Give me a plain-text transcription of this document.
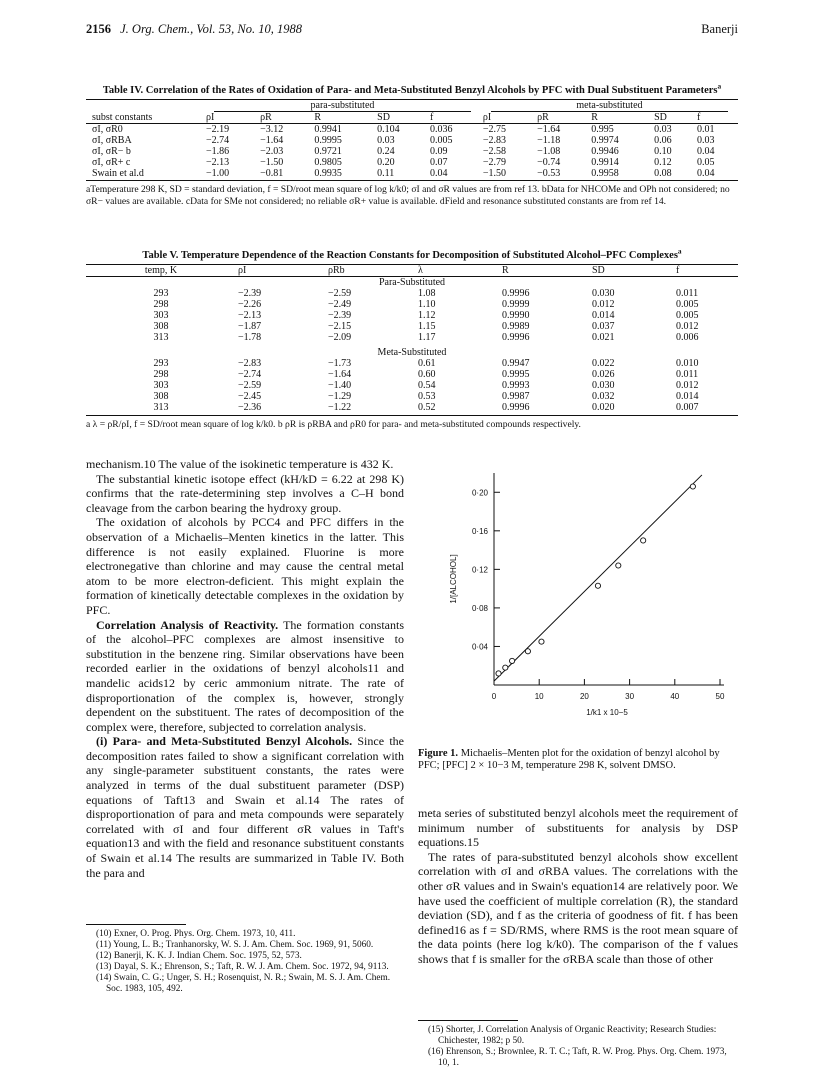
2156 J. Org. Chem., Vol. 53, No. 10, 1988	Banerji
Table IV. Correlation of the Rates of Oxidation of Para- and Meta-Substituted Benzyl Alcohols by PFC with Dual Substituent Parameters$^a$
	para-substituted					meta-substituted				
subst constants	ρI	ρR	R	SD	f	ρI	ρR	R	SD	f
σI, σR0	−2.19	−3.12	0.9941	0.104	0.036	−2.75	−1.64	0.995	0.03	0.01
σI, σRBA	−2.74	−1.64	0.9995	0.03	0.005	−2.83	−1.18	0.9974	0.06	0.03
σI, σR− b	−1.86	−2.03	0.9721	0.24	0.09	−2.58	−1.08	0.9946	0.10	0.04
σI, σR+ c	−2.13	−1.50	0.9805	0.20	0.07	−2.79	−0.74	0.9914	0.12	0.05
Swain et al.d	−1.00	−0.81	0.9935	0.11	0.04	−1.50	−0.53	0.9958	0.08	0.04
aTemperature 298 K, SD = standard deviation, f = SD/root mean square of log k/k0; σI and σR values are from ref 13. bData for NHCOMe and OPh not considered; no σR− values are available. cData for SMe not considered; no reliable σR+ value is available. dField and resonance substituted constants are from ref 14.
Table V. Temperature Dependence of the Reaction Constants for Decomposition of Substituted Alcohol–PFC Complexes$^a$
temp, K	ρI	ρRb	λ	R	SD	f
Para-Substituted						
293	−2.39	−2.59	1.08	0.9996	0.030	0.011
298	−2.26	−2.49	1.10	0.9999	0.012	0.005
303	−2.13	−2.39	1.12	0.9990	0.014	0.005
308	−1.87	−2.15	1.15	0.9989	0.037	0.012
313	−1.78	−2.09	1.17	0.9996	0.021	0.006

Meta-Substituted						
293	−2.83	−1.73	0.61	0.9947	0.022	0.010
298	−2.74	−1.64	0.60	0.9995	0.026	0.011
303	−2.59	−1.40	0.54	0.9993	0.030	0.012
308	−2.45	−1.29	0.53	0.9987	0.032	0.014
313	−2.36	−1.22	0.52	0.9996	0.020	0.007
a λ = ρR/ρI, f = SD/root mean square of log k/k0. b ρR is ρRBA and ρR0 for para- and meta-substituted compounds respectively.

mechanism.10 The value of the isokinetic temperature is 432 K.

The substantial kinetic isotope effect (kH/kD = 6.22 at 298 K) confirms that the rate-determining step involves a C–H bond cleavage from the carbon bearing the hydroxy group.

The oxidation of alcohols by PCC4 and PFC differs in the observation of a Michaelis–Menten kinetics in the latter. This difference is not easily explained. Fluorine is more electronegative than chlorine and may cause the central metal atom to be more electron-deficient. This might explain the formation of kinetically detectable complexes in the oxidation by PFC.

Correlation Analysis of Reactivity. The formation constants of the alcohol–PFC complexes are almost insensitive to substitution in the benzene ring. Similar observations have been recorded earlier in the oxidations of benzyl alcohols11 and mandelic acids12 by ceric ammonium nitrate. The rate of disproportionation of the complex is, however, strongly dependent on the substituent. The rates of decomposition of the complex were, therefore, subjected to correlation analysis.

(i) Para- and Meta-Substituted Benzyl Alcohols. Since the decomposition rates failed to show a significant correlation with any single-parameter substituent constants, the rates were analyzed in terms of the dual substituent parameter (DSP) equations of Taft13 and Swain et al.14 The rates of disproportionation of para and meta compounds were separately correlated with σI and four different σR values in Taft's equation13 and with the field and resonance substituent constants of Swain et al.14 The results are summarized in Table IV. Both the para and

(10) Exner, O. Prog. Phys. Org. Chem. 1973, 10, 411.
(11) Young, L. B.; Tranhanorsky, W. S. J. Am. Chem. Soc. 1969, 91, 5060.
(12) Banerji, K. K. J. Indian Chem. Soc. 1975, 52, 573.
(13) Dayal, S. K.; Ehrenson, S.; Taft, R. W. J. Am. Chem. Soc. 1972, 94, 9113.
(14) Swain, C. G.; Unger, S. H.; Rosenquist, N. R.; Swain, M. S. J. Am. Chem. Soc. 1983, 105, 492.
0	10	20	30	40	50
0·04
0·08
0·12
0·16
0·20
1/k1 x 10−5
1/[ALCOHOL]
Figure 1. Michaelis–Menten plot for the oxidation of benzyl alcohol by PFC; [PFC] 2 × 10−3 M, temperature 298 K, solvent DMSO.

meta series of substituted benzyl alcohols meet the requirement of minimum number of substituents for analysis by DSP equations.15

The rates of para-substituted benzyl alcohols show excellent correlation with σI and σRBA values. The correlations with the other σR values and in Swain's equation14 are relatively poor. We have used the coefficient of multiple correlation (R), the standard deviation (SD), and f as the criteria of goodness of fit. f has been defined16 as f = SD/RMS, where RMS is the root mean square of the data points (here log k/k0). The comparison of the f values shows that f is smaller for the σRBA scale than those of other

(15) Shorter, J. Correlation Analysis of Organic Reactivity; Research Studies: Chichester, 1982; p 50.
(16) Ehrenson, S.; Brownlee, R. T. C.; Taft, R. W. Prog. Phys. Org. Chem. 1973, 10, 1.
